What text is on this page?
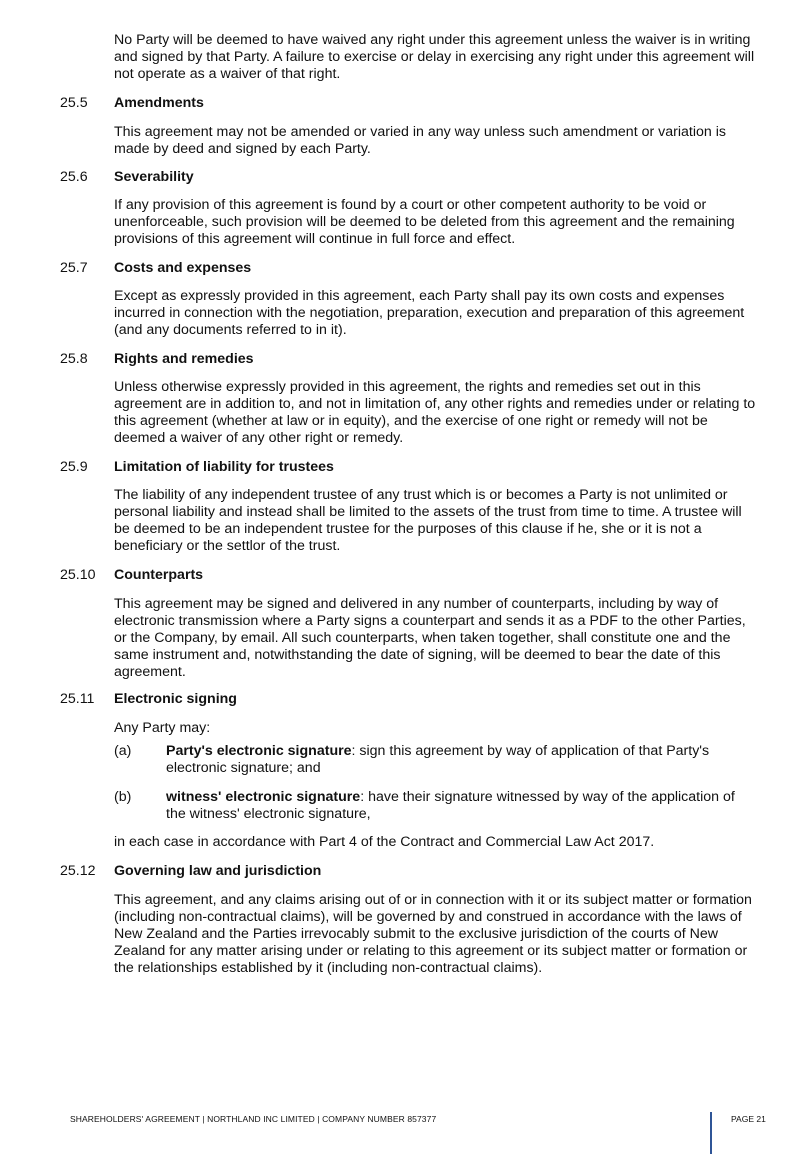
No Party will be deemed to have waived any right under this agreement unless the waiver is in writing and signed by that Party. A failure to exercise or delay in exercising any right under this agreement will not operate as a waiver of that right.

25.5 Amendments

This agreement may not be amended or varied in any way unless such amendment or variation is made by deed and signed by each Party.

25.6 Severability

If any provision of this agreement is found by a court or other competent authority to be void or unenforceable, such provision will be deemed to be deleted from this agreement and the remaining provisions of this agreement will continue in full force and effect.

25.7 Costs and expenses

Except as expressly provided in this agreement, each Party shall pay its own costs and expenses incurred in connection with the negotiation, preparation, execution and preparation of this agreement (and any documents referred to in it).

25.8 Rights and remedies

Unless otherwise expressly provided in this agreement, the rights and remedies set out in this agreement are in addition to, and not in limitation of, any other rights and remedies under or relating to this agreement (whether at law or in equity), and the exercise of one right or remedy will not be deemed a waiver of any other right or remedy.

25.9 Limitation of liability for trustees

The liability of any independent trustee of any trust which is or becomes a Party is not unlimited or personal liability and instead shall be limited to the assets of the trust from time to time. A trustee will be deemed to be an independent trustee for the purposes of this clause if he, she or it is not a beneficiary or the settlor of the trust.

25.10 Counterparts

This agreement may be signed and delivered in any number of counterparts, including by way of electronic transmission where a Party signs a counterpart and sends it as a PDF to the other Parties, or the Company, by email. All such counterparts, when taken together, shall constitute one and the same instrument and, notwithstanding the date of signing, will be deemed to bear the date of this agreement.

25.11 Electronic signing

Any Party may:

(a) Party's electronic signature: sign this agreement by way of application of that Party's electronic signature; and

(b) witness' electronic signature: have their signature witnessed by way of the application of the witness' electronic signature,

in each case in accordance with Part 4 of the Contract and Commercial Law Act 2017.

25.12 Governing law and jurisdiction

This agreement, and any claims arising out of or in connection with it or its subject matter or formation (including non-contractual claims), will be governed by and construed in accordance with the laws of New Zealand and the Parties irrevocably submit to the exclusive jurisdiction of the courts of New Zealand for any matter arising under or relating to this agreement or its subject matter or formation or the relationships established by it (including non-contractual claims).

SHAREHOLDERS' AGREEMENT | NORTHLAND INC LIMITED | COMPANY NUMBER 857377	PAGE 21
